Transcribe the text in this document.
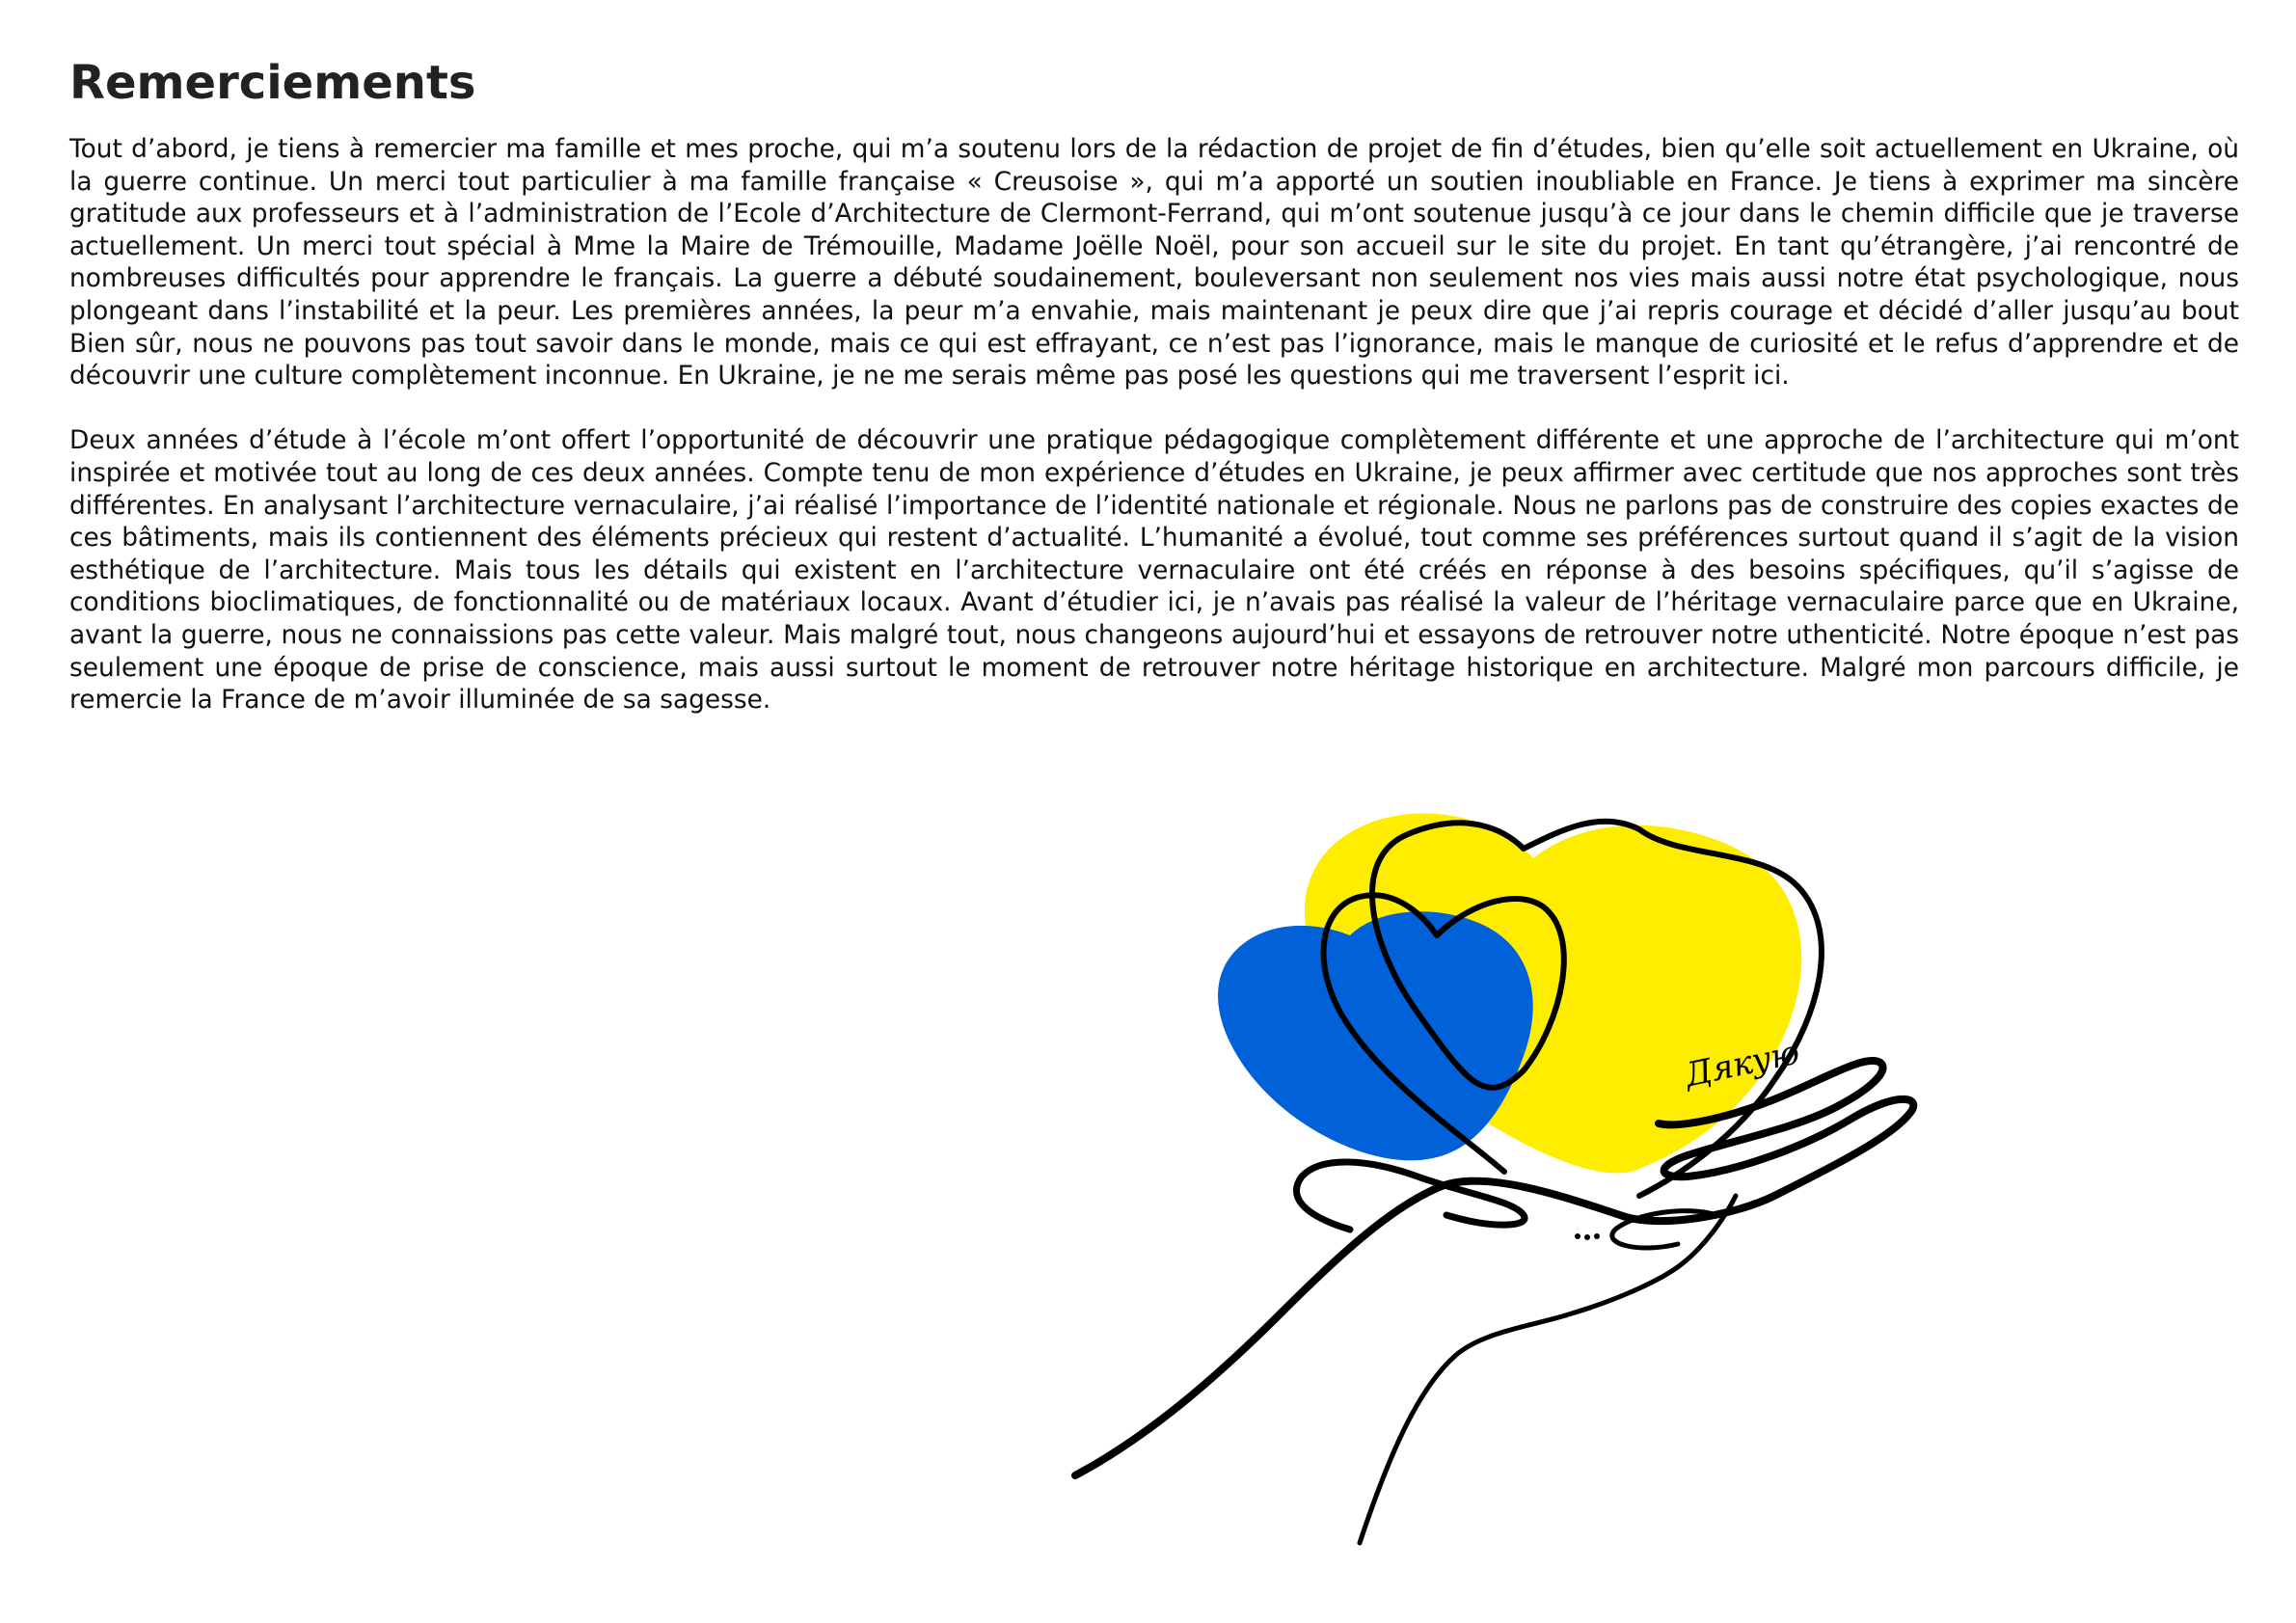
Remerciements

Tout d’abord, je tiens à remercier ma famille et mes proche, qui m’a soutenu lors de la rédaction de projet de fin d’études, bien qu’elle soit actuellement en Ukraine, où la guerre continue. Un merci tout particulier à ma famille française « Creusoise », qui m’a apporté un soutien inoubliable en France. Je tiens à exprimer ma sincère gratitude aux professeurs et à l’administration de l’Ecole d’Architecture de Clermont-Ferrand, qui m’ont soutenue jusqu’à ce jour dans le chemin difficile que je traverse actuellement. Un merci tout spécial à Mme la Maire de Trémouille, Madame Joëlle Noël, pour son accueil sur le site du projet. En tant qu’étrangère, j’ai rencontré de nombreuses difficultés pour apprendre le français. La guerre a débuté soudainement, bouleversant non seulement nos vies mais aussi notre état psychologique, nous plongeant dans l’instabilité et la peur. Les premières années, la peur m’a envahie, mais maintenant je peux dire que j’ai repris courage et décidé d’aller jusqu’au bout Bien sûr, nous ne pouvons pas tout savoir dans le monde, mais ce qui est effrayant, ce n’est pas l’ignorance, mais le manque de curiosité et le refus d’apprendre et de découvrir une culture complètement inconnue. En Ukraine, je ne me serais même pas posé les questions qui me traversent l’esprit ici.

Deux années d’étude à l’école m’ont offert l’opportunité de découvrir une pratique pédagogique complètement différente et une approche de l’architecture qui m’ont inspirée et motivée tout au long de ces deux années. Compte tenu de mon expérience d’études en Ukraine, je peux affirmer avec certitude que nos approches sont très différentes. En analysant l’architecture vernaculaire, j’ai réalisé l’importance de l’identité nationale et régionale. Nous ne parlons pas de construire des copies exactes de ces bâtiments, mais ils contiennent des éléments précieux qui restent d’actualité. L’humanité a évolué, tout comme ses préférences surtout quand il s’agit de la vision esthétique de l’architecture. Mais tous les détails qui existent en l’architecture vernaculaire ont été créés en réponse à des besoins spécifiques, qu’il s’agisse de conditions bioclimatiques, de fonctionnalité ou de matériaux locaux. Avant d’étudier ici, je n’avais pas réalisé la valeur de l’héritage vernaculaire parce que en Ukraine, avant la guerre, nous ne connaissions pas cette valeur. Mais malgré tout, nous changeons aujourd’hui et essayons de retrouver notre uthenticité. Notre époque n’est pas seulement une époque de prise de conscience, mais aussi surtout le moment de retrouver notre héritage historique en architecture. Malgré mon parcours difficile, je remercie la France de m’avoir illuminée de sa sagesse.

Дякую
